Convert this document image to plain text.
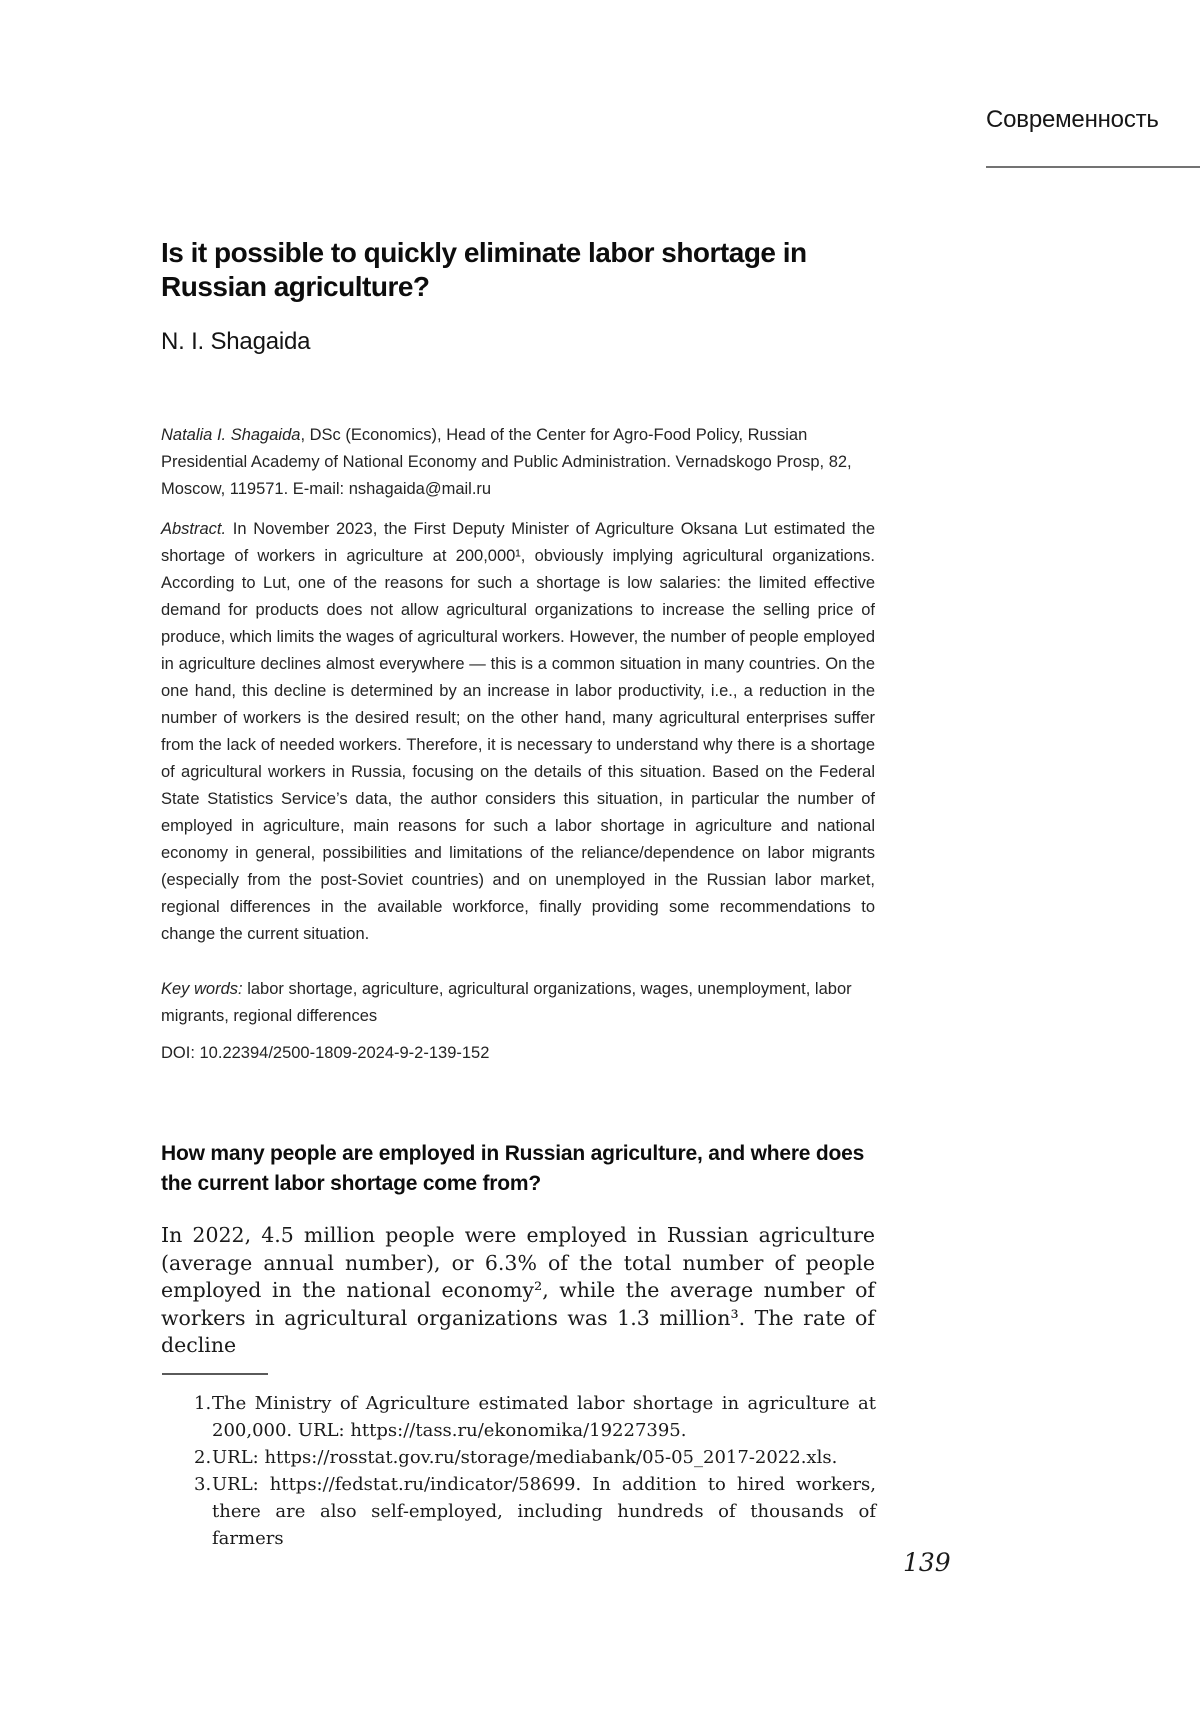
Современность
Is it possible to quickly eliminate labor shortage in Russian agriculture?
N. I. Shagaida

Natalia I. Shagaida, DSc (Economics), Head of the Center for Agro-Food Policy, Russian Presidential Academy of National Economy and Public Administration. Vernadskogo Prosp, 82, Moscow, 119571. E-mail: nshagaida@mail.ru

Abstract. In November 2023, the First Deputy Minister of Agriculture Oksana Lut estimated the shortage of workers in agriculture at 200,000¹, obviously implying agricultural organizations. According to Lut, one of the reasons for such a shortage is low salaries: the limited effective demand for products does not allow agricultural organizations to increase the selling price of produce, which limits the wages of agricultural workers. However, the number of people employed in agriculture declines almost everywhere — this is a common situation in many countries. On the one hand, this decline is determined by an increase in labor productivity, i.e., a reduction in the number of workers is the desired result; on the other hand, many agricultural enterprises suffer from the lack of needed workers. Therefore, it is necessary to understand why there is a shortage of agricultural workers in Russia, focusing on the details of this situation. Based on the Federal State Statistics Service’s data, the author considers this situation, in particular the number of employed in agriculture, main reasons for such a labor shortage in agriculture and national economy in general, possibilities and limitations of the reliance/dependence on labor migrants (especially from the post-Soviet countries) and on unemployed in the Russian labor market, regional differences in the available workforce, finally providing some recommendations to change the current situation.

Key words: labor shortage, agriculture, agricultural organizations, wages, unemployment, labor migrants, regional differences

DOI: 10.22394/2500-1809-2024-9-2-139-152
How many people are employed in Russian agriculture, and where does the current labor shortage come from?

In 2022, 4.5 million people were employed in Russian agriculture (average annual number), or 6.3% of the total number of people employed in the national economy², while the average number of workers in agricultural organizations was 1.3 million³. The rate of decline

1. The Ministry of Agriculture estimated labor shortage in agriculture at 200,000. URL: https://tass.ru/ekonomika/19227395.
2. URL: https://rosstat.gov.ru/storage/mediabank/05-05_2017-2022.xls.
3. URL: https://fedstat.ru/indicator/58699. In addition to hired workers, there are also self-employed, including hundreds of thousands of farmers
139
